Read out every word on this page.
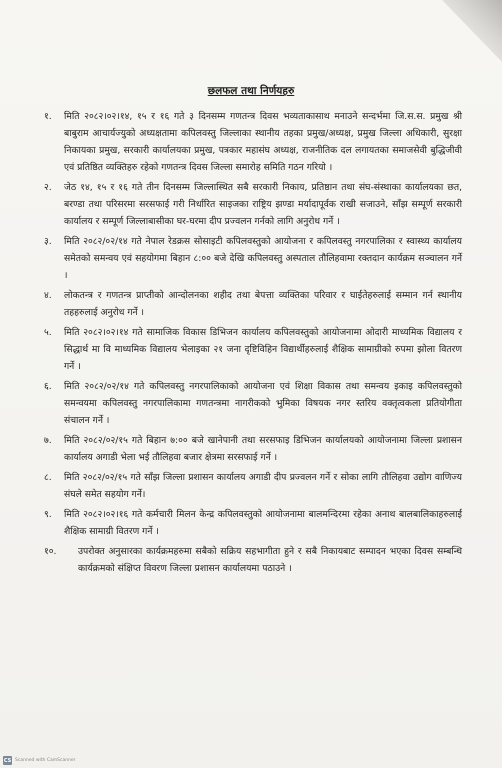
छलफल तथा निर्णयहरु
१.	मिति २०८२।०२।१४, १५ र १६ गते ३ दिनसम्म गणतन्त्र दिवस भव्यताकासाथ मनाउने सन्दर्भमा जि.स.स. प्रमुख श्री बाबुराम आचार्यज्युको अध्यक्षतामा कपिलवस्तु जिल्लाका स्थानीय तहका प्रमुख/अध्यक्ष, प्रमुख जिल्ला अधिकारी, सुरक्षा निकायका प्रमुख, सरकारी कार्यालयका प्रमुख, पत्रकार महासंघ अध्यक्ष, राजनीतिक दल लगायतका समाजसेवी बुद्धिजीवी एवं प्रतिष्ठित व्यक्तिहरु रहेको गणतन्त्र दिवस जिल्ला समारोह समिति गठन गरियो ।
२.	जेठ १४, १५ र १६ गते तीन दिनसम्म जिल्लास्थित सबै सरकारी निकाय, प्रतिष्ठान तथा संघ-संस्थाका कार्यालयका छत, बरण्डा तथा परिसरमा सरसफाई गरी निर्धारित साइजका राष्ट्रिय झण्डा मर्यादापूर्वक राखी सजाउने, साँझ सम्पूर्ण सरकारी कार्यालय र सम्पूर्ण जिल्लाबासीका घर-घरमा दीप प्रज्वलन गर्नको लागि अनुरोध गर्ने ।
३.	मिति २०८२/०२/१४ गते नेपाल रेडक्रस सोसाइटी कपिलवस्तुको आयोजना र कपिलवस्तु नगरपालिका र स्वास्थ्य कार्यालय समेतको समन्वय एवं सहयोगमा बिहान ८:०० बजे देखि कपिलवस्तु अस्पताल तौलिहवामा रक्तदान कार्यक्रम सञ्चालन गर्ने ।
४.	लोकतन्त्र र गणतन्त्र प्राप्तीको आन्दोलनका शहीद तथा बेपत्ता व्यक्तिका परिवार र घाईतेहरुलाई सम्मान गर्न स्थानीय तहहरुलाई अनुरोध गर्ने ।
५.	मिति २०८२।०२।१४ गते सामाजिक विकास डिभिजन कार्यालय कपिलवस्तुको आयोजनामा ओदारी माध्यमिक विद्यालय र सिद्धार्थ मा वि माध्यमिक विद्यालय भेलाइका २१ जना दृष्टिविहिन विद्यार्थीहरुलाई शैक्षिक सामाग्रीको रुपमा झोला वितरण गर्ने ।
६.	मिति २०८२/०२/१४ गते कपिलवस्तु नगरपालिकाको आयोजना एवं शिक्षा विकास तथा समन्वय इकाइ कपिलवस्तुको समन्वयमा कपिलवस्तु नगरपालिकामा गणतन्त्रमा नागरीकको भुमिका विषयक नगर स्तरिय वक्तृत्वकला प्रतियोगीता संचालन गर्ने ।
७.	मिति २०८२/०२/१५ गते बिहान ७:०० बजे खानेपानी तथा सरसफाइ डिभिजन कार्यालयको आयोजनामा जिल्ला प्रशासन कार्यालय अगाडी भेला भई तौलिहवा बजार क्षेत्रमा सरसफाई गर्ने ।
८.	मिति २०८२/०२/१५ गते साँझ जिल्ला प्रशासन कार्यालय अगाडी दीप प्रज्वलन गर्ने र सोका लागि तौलिहवा उद्योग वाणिज्य संघले समेत सहयोग गर्ने।
९.	मिति २०८२।०२।१६ गते कर्मचारी मिलन केन्द्र कपिलवस्तुको आयोजनामा बालमन्दिरमा रहेका अनाथ बालबालिकाहरुलाई शैक्षिक सामाग्री वितरण गर्ने ।
१०.	उपरोक्त अनुसारका कार्यक्रमहरुमा सबैको सक्रिय सहभागीता हुने र सबै निकायबाट सम्पादन भएका दिवस सम्बन्धि कार्यक्रमको संक्षिप्त विवरण जिल्ला प्रशासन कार्यालयमा पठाउने ।
CS Scanned with CamScanner
